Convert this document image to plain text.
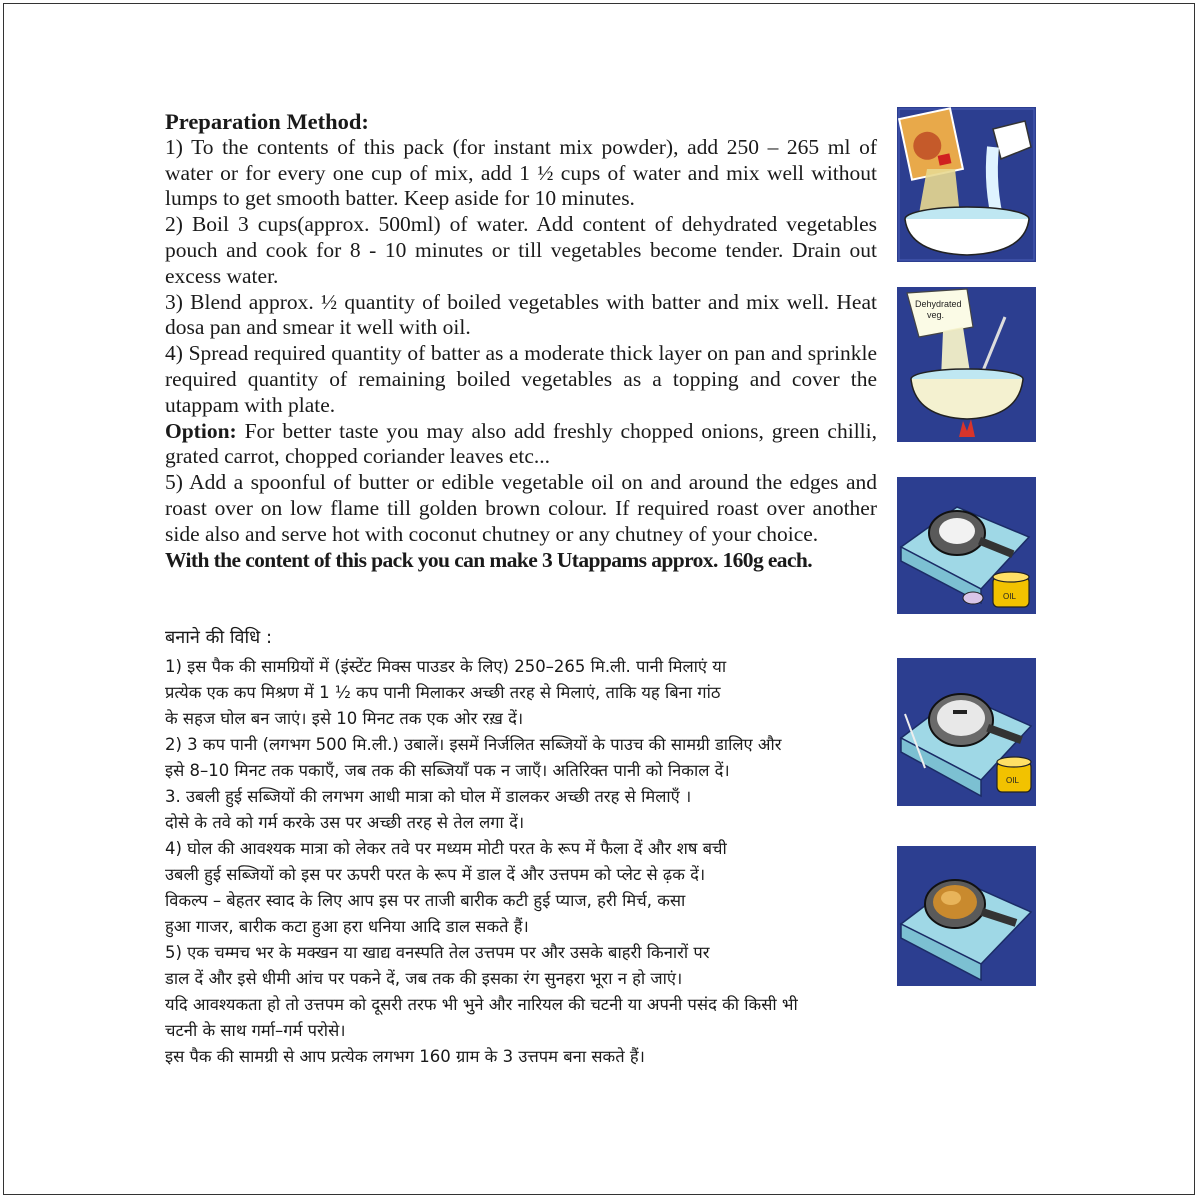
Preparation Method:

1) To the contents of this pack (for instant mix powder), add 250 – 265 ml of water or for every one cup of mix, add 1 ½ cups of water and mix well without lumps to get smooth batter. Keep aside for 10 minutes.

2) Boil 3 cups(approx. 500ml) of water. Add content of dehydrated vegetables pouch and cook for 8 - 10 minutes or till vegetables become tender. Drain out excess water.

3) Blend approx. ½ quantity of boiled vegetables with batter and mix well. Heat dosa pan and smear it well with oil.

4) Spread required quantity of batter as a moderate thick layer on pan and sprinkle required quantity of remaining boiled vegetables as a topping and cover the utappam with plate.

Option: For better taste you may also add freshly chopped onions, green chilli, grated carrot, chopped coriander leaves etc...

5) Add a spoonful of butter or edible vegetable oil on and around the edges and roast over on low flame till golden brown colour. If required roast over another side also and serve hot with coconut chutney or any chutney of your choice.

With the content of this pack you can make 3 Utappams approx. 160g each.

बनाने की विधि :

1) इस पैक की सामग्रियों में (इंस्टेंट मिक्स पाउडर के लिए) 250–265 मि.ली. पानी मिलाएं या

प्रत्येक एक कप मिश्रण में 1 ½ कप पानी मिलाकर अच्छी तरह से मिलाएं, ताकि यह बिना गांठ

के सहज घोल बन जाएं। इसे 10 मिनट तक एक ओर रख़ दें।

2) 3 कप पानी (लगभग 500 मि.ली.) उबालें। इसमें निर्जलित सब्जियों के पाउच की सामग्री डालिए और

इसे 8–10 मिनट तक पकाएँ, जब तक की सब्जियाँ पक न जाएँ। अतिरिक्त पानी को निकाल दें।

3. उबली हुई सब्जियों की लगभग आधी मात्रा को घोल में डालकर अच्छी तरह से मिलाएँ ।

दोसे के तवे को गर्म करके उस पर अच्छी तरह से तेल लगा दें।

4) घोल की आवश्यक मात्रा को लेकर तवे पर मध्यम मोटी परत के रूप में फैला दें और शष बची

उबली हुई सब्जियों को इस पर ऊपरी परत के रूप में डाल दें और उत्तपम को प्लेट से ढ़क दें।

विकल्प – बेहतर स्वाद के लिए आप इस पर ताजी बारीक कटी हुई प्याज, हरी मिर्च, कसा

हुआ गाजर, बारीक कटा हुआ हरा धनिया आदि डाल सकते हैं।

5) एक चम्मच भर के मक्खन या खाद्य वनस्पति तेल उत्तपम पर और उसके बाहरी किनारों पर

डाल दें और इसे धीमी आंच पर पकने दें, जब तक की इसका रंग सुनहरा भूरा न हो जाएं।

यदि आवश्यकता हो तो उत्तपम को दूसरी तरफ भी भुने और नारियल की चटनी या अपनी पसंद की किसी भी

चटनी के साथ गर्मा–गर्म परोसे।

इस पैक की सामग्री से आप प्रत्येक लगभग 160 ग्राम के 3 उत्तपम बना सकते हैं।

Dehydrated
veg.
OIL
OIL
